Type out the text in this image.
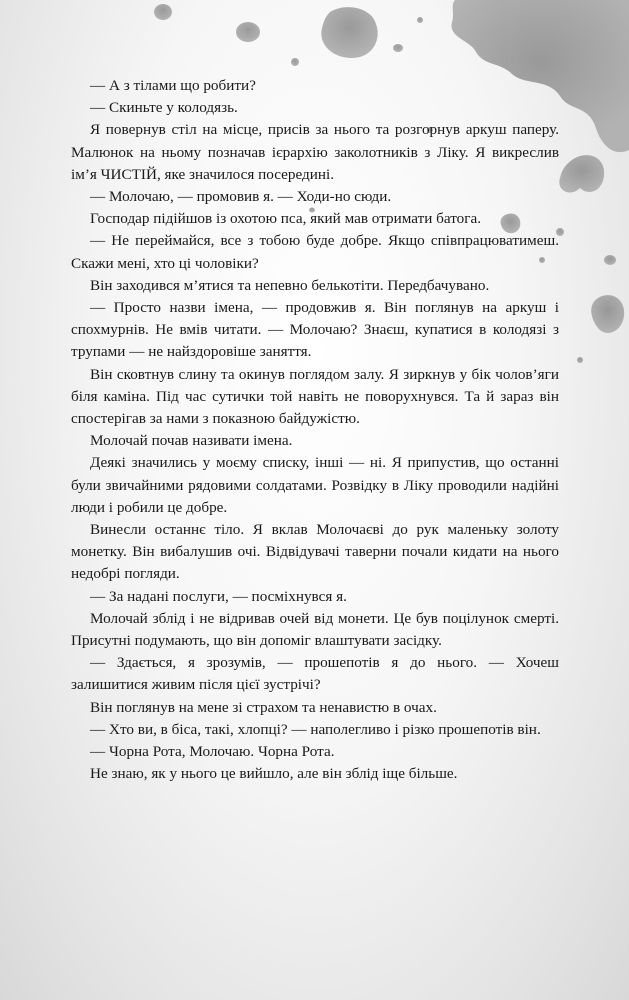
— А з тілами що робити?

— Скиньте у колодязь.

Я повернув стіл на місце, присів за нього та розгорнув аркуш паперу. Малюнок на ньому позначав ієрархію заколотників з Ліку. Я викреслив ім’я ЧИСТІЙ, яке значилося посередині.

— Молочаю, — промовив я. — Ходи-но сюди.

Господар підійшов із охотою пса, який мав отримати батога.

— Не переймайся, все з тобою буде добре. Якщо співпрацюватимеш. Скажи мені, хто ці чоловіки?

Він заходився м’ятися та непевно белькотіти. Передбачувано.

— Просто назви імена, — продовжив я. Він поглянув на аркуш і спохмурнів. Не вмів читати. — Молочаю? Знаєш, купатися в колодязі з трупами — не найздоровіше заняття.

Він сковтнув слину та окинув поглядом залу. Я зиркнув у бік чолов’яги біля каміна. Під час сутички той навіть не поворухнувся. Та й зараз він спостерігав за нами з показною байдужістю.

Молочай почав називати імена.

Деякі значились у моєму списку, інші — ні. Я припустив, що останні були звичайними рядовими солдатами. Розвідку в Ліку проводили надійні люди і робили це добре.

Винесли останнє тіло. Я вклав Молочаєві до рук маленьку золоту монетку. Він вибалушив очі. Відвідувачі таверни почали кидати на нього недобрі погляди.

— За надані послуги, — посміхнувся я.

Молочай зблід і не відривав очей від монети. Це був поцілунок смерті. Присутні подумають, що він допоміг влаштувати засідку.

— Здається, я зрозумів, — прошепотів я до нього. — Хочеш залишитися живим після цієї зустрічі?

Він поглянув на мене зі страхом та ненавистю в очах.

— Хто ви, в біса, такі, хлопці? — наполегливо і різко прошепотів він.

— Чорна Рота, Молочаю. Чорна Рота.

Не знаю, як у нього це вийшло, але він зблід іще більше.
